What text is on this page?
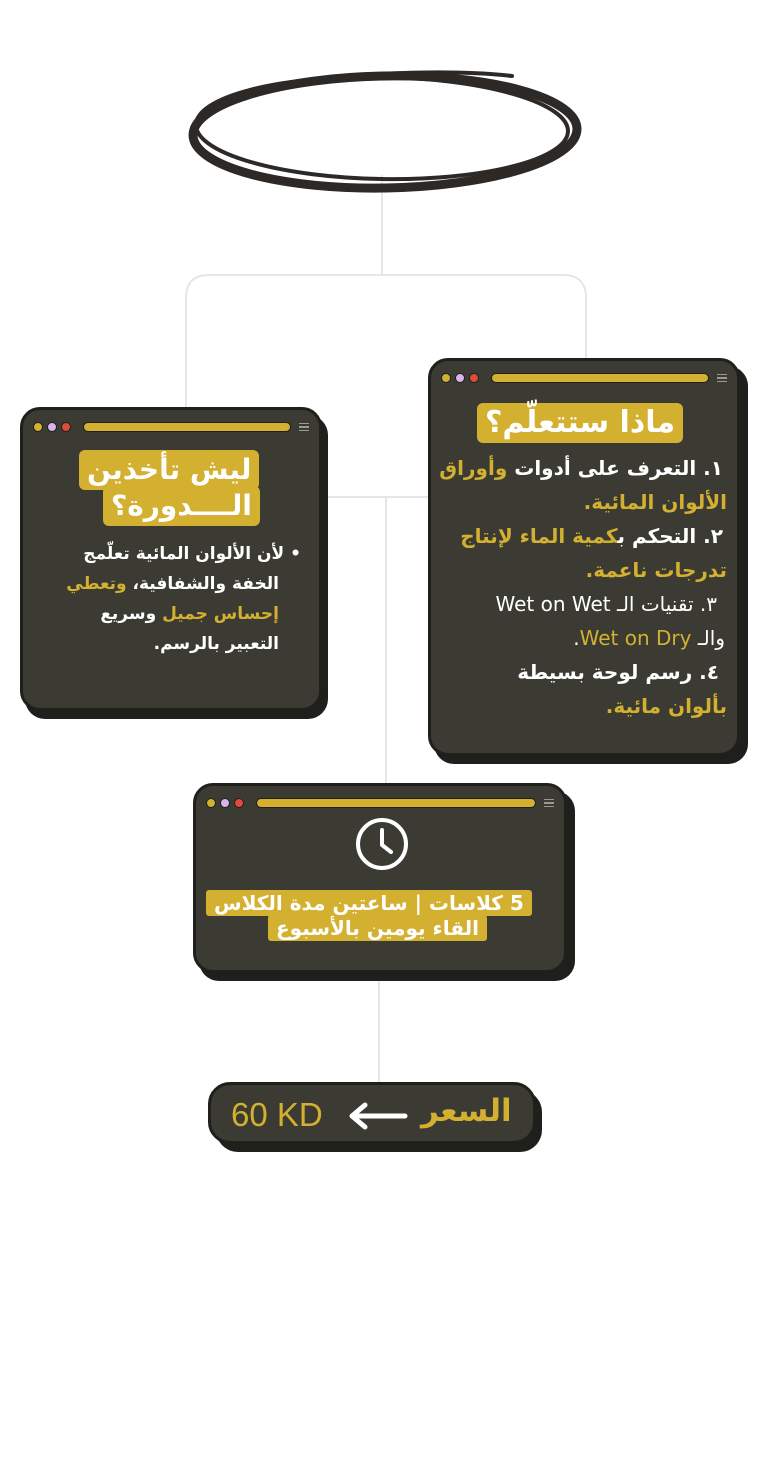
ماذا ستتعلّم؟
١. التعرف على أدوات وأوراق
الألوان المائية.
٢. التحكم بكمية الماء لإنتاج
تدرجات ناعمة.
٣. تقنيات الـ Wet on Wet
والـ Wet on Dry.
٤. رسم لوحة بسيطة
بألوان مائية.
ليش تأخذين
الــــدورة؟
• لأن الألوان المائية تعلّمج
الخفة والشفافية، وتعطي
إحساس جميل وسريع
التعبير بالرسم.
5 كلاسات | ساعتين مدة الكلاس
القاء يومين بالأسبوع
60 KD	السعر
